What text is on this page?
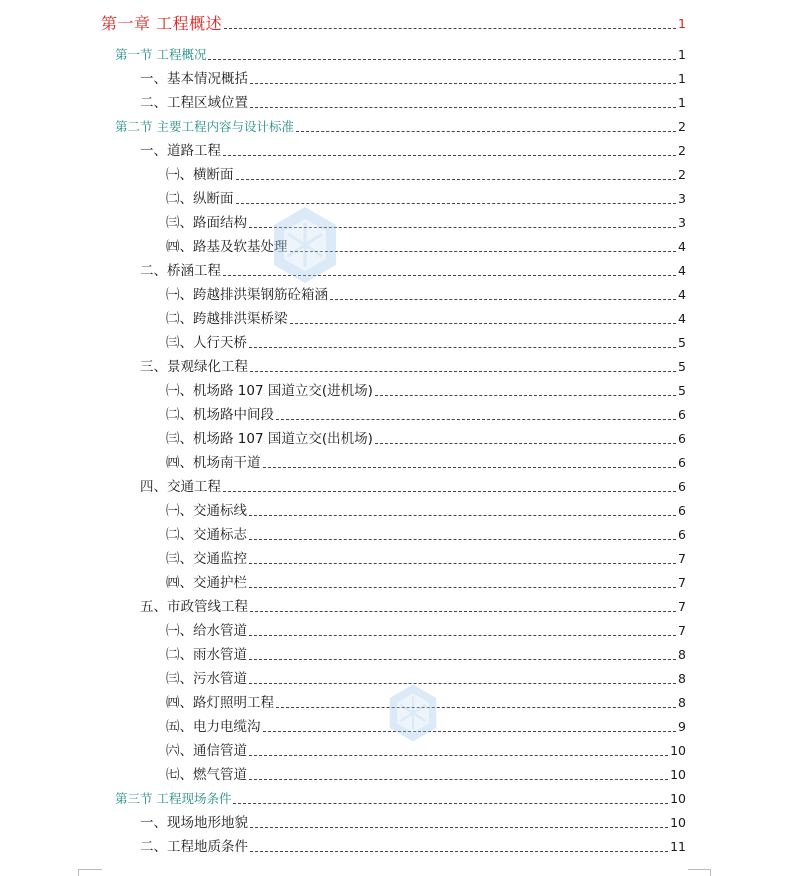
第一章 工程概述	1
第一节 工程概况	1
一、基本情况概括	1
二、工程区域位置	1
第二节 主要工程内容与设计标准	2
一、道路工程	2
㈠、横断面	2
㈡、纵断面	3
㈢、路面结构	3
㈣、路基及软基处理	4
二、桥涵工程	4
㈠、跨越排洪渠钢筋砼箱涵	4
㈡、跨越排洪渠桥梁	4
㈢、人行天桥	5
三、景观绿化工程	5
㈠、机场路 107 国道立交(进机场)	5
㈡、机场路中间段	6
㈢、机场路 107 国道立交(出机场)	6
㈣、机场南干道	6
四、交通工程	6
㈠、交通标线	6
㈡、交通标志	6
㈢、交通监控	7
㈣、交通护栏	7
五、市政管线工程	7
㈠、给水管道	7
㈡、雨水管道	8
㈢、污水管道	8
㈣、路灯照明工程	8
㈤、电力电缆沟	9
㈥、通信管道	10
㈦、燃气管道	10
第三节 工程现场条件	10
一、现场地形地貌	10
二、工程地质条件	11
